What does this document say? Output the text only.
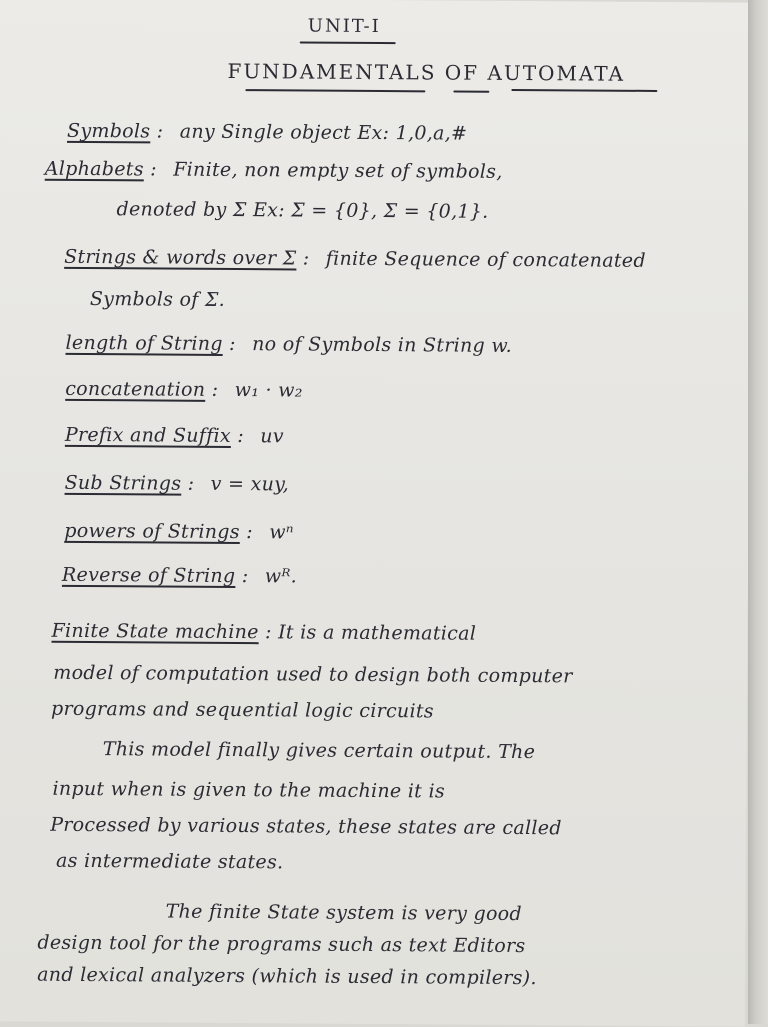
UNIT-I
FUNDAMENTALS OF AUTOMATA
Symbols : any Single object Ex: 1,0,a,#
Alphabets : Finite, non empty set of symbols,
denoted by Σ Ex: Σ = {0}, Σ = {0,1}.
Strings & words over Σ : finite Sequence of concatenated
Symbols of Σ.
length of String : no of Symbols in String w.
concatenation : w₁ · w₂
Prefix and Suffix : uv
Sub Strings : v = xuy,
powers of Strings : wⁿ
Reverse of String : wᴿ.
Finite State machine : It is a mathematical
model of computation used to design both computer
programs and sequential logic circuits
This model finally gives certain output. The
input when is given to the machine it is
Processed by various states, these states are called
as intermediate states.
The finite State system is very good
design tool for the programs such as text Editors
and lexical analyzers (which is used in compilers).
